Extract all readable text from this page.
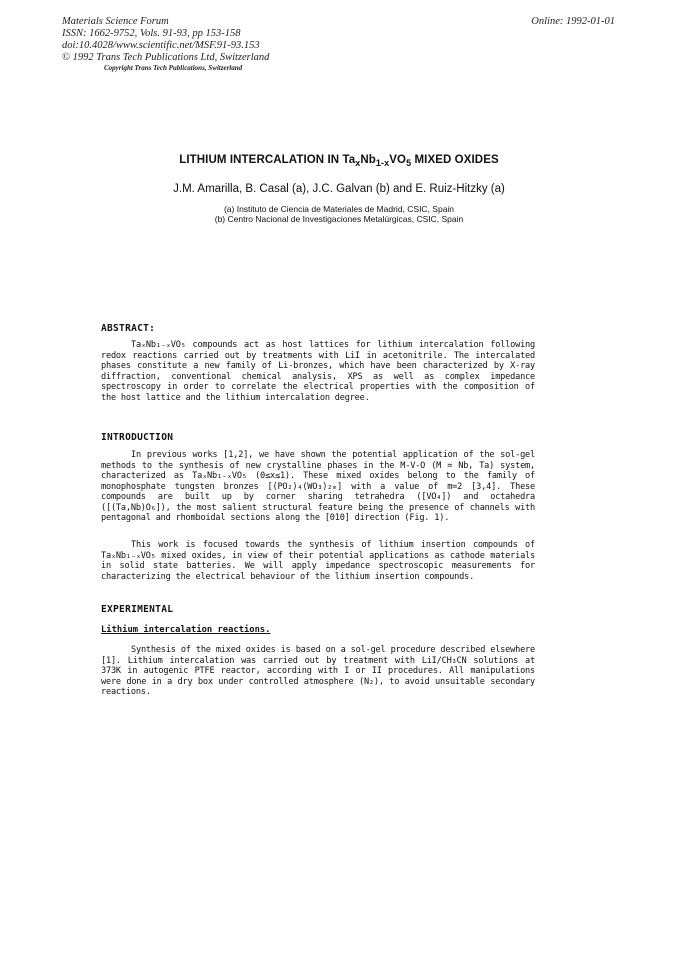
Materials Science Forum
ISSN: 1662-9752, Vols. 91-93, pp 153-158
doi:10.4028/www.scientific.net/MSF.91-93.153
© 1992 Trans Tech Publications Ltd, Switzerland
Copyright Trans Tech Publications, Switzerland
Online: 1992-01-01
LITHIUM INTERCALATION IN $Ta_xNb_{1-x}VO_5$ MIXED OXIDES
J.M. Amarilla, B. Casal (a), J.C. Galvan (b) and E. Ruiz-Hitzky (a)
(a) Instituto de Ciencia de Materiales de Madrid, CSIC, Spain
(b) Centro Nacional de Investigaciones Metalúrgicas, CSIC, Spain
ABSTRACT:

TaₓNb₁₋ₓVO₅ compounds act as host lattices for lithium intercalation following redox reactions carried out by treatments with LiI in acetonitrile. The intercalated phases constitute a new family of Li-bronzes, which have been characterized by X-ray diffraction, conventional chemical analysis, XPS as well as complex impedance spectroscopy in order to correlate the electrical properties with the composition of the host lattice and the lithium intercalation degree.

INTRODUCTION

In previous works [1,2], we have shown the potential application of the sol-gel methods to the synthesis of new crystalline phases in the M-V-O (M = Nb, Ta) system, characterized as TaₓNb₁₋ₓVO₅ (0≤x≤1). These mixed oxides belong to the family of monophosphate tungsten bronzes [(PO₂)₄(WO₃)₂ₘ] with a value of m=2 [3,4]. These compounds are built up by corner sharing tetrahedra ([VO₄]) and octahedra ([(Ta,Nb)O₆]), the most salient structural feature being the presence of channels with pentagonal and rhomboidal sections along the [010] direction (Fig. 1).

This work is focused towards the synthesis of lithium insertion compounds of TaₓNb₁₋ₓVO₅ mixed oxides, in view of their potential applications as cathode materials in solid state batteries. We will apply impedance spectroscopic measurements for characterizing the electrical behaviour of the lithium insertion compounds.

EXPERIMENTAL
Lithium intercalation reactions.

Synthesis of the mixed oxides is based on a sol-gel procedure described elsewhere [1]. Lithium intercalation was carried out by treatment with LiI/CH₃CN solutions at 373K in autogenic PTFE reactor, according with I or II procedures. All manipulations were done in a dry box under controlled atmosphere (N₂), to avoid unsuitable secondary reactions.
